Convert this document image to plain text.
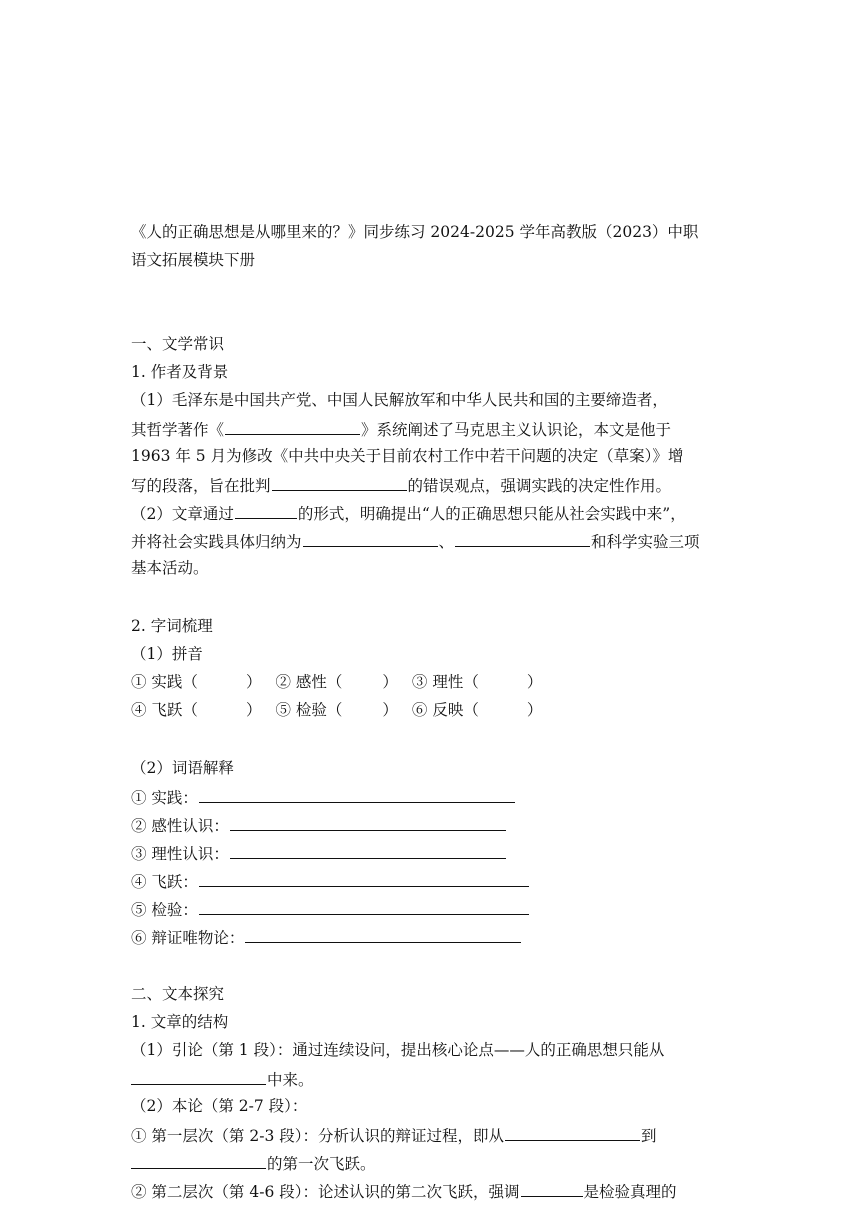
《人的正确思想是从哪里来的？》同步练习 2024-2025 学年高教版（2023）中职
语文拓展模块下册
一、文学常识
1. 作者及背景
（1）毛泽东是中国共产党、中国人民解放军和中华人民共和国的主要缔造者，
其哲学著作《	》系统阐述了马克思主义认识论，本文是他于
1963 年 5 月为修改《中共中央关于目前农村工作中若干问题的决定（草案）》增
写的段落，旨在批判	的错误观点，强调实践的决定性作用。
（2）文章通过	的形式，明确提出“人的正确思想只能从社会实践中来”，
并将社会实践具体归纳为	、	和科学实验三项
基本活动。
2. 字词梳理
（1）拼音
① 实践（	） ② 感性（	） ③ 理性（	）
④ 飞跃（	） ⑤ 检验（	） ⑥ 反映（	）
（2）词语解释
① 实践：
② 感性认识：
③ 理性认识：
④ 飞跃：
⑤ 检验：
⑥ 辩证唯物论：
二、文本探究
1. 文章的结构
（1）引论（第 1 段）：通过连续设问，提出核心论点——人的正确思想只能从
中来。
（2）本论（第 2-7 段）：
① 第一层次（第 2-3 段）：分析认识的辩证过程，即从	到
的第一次飞跃。
② 第二层次（第 4-6 段）：论述认识的第二次飞跃，强调	是检验真理的
